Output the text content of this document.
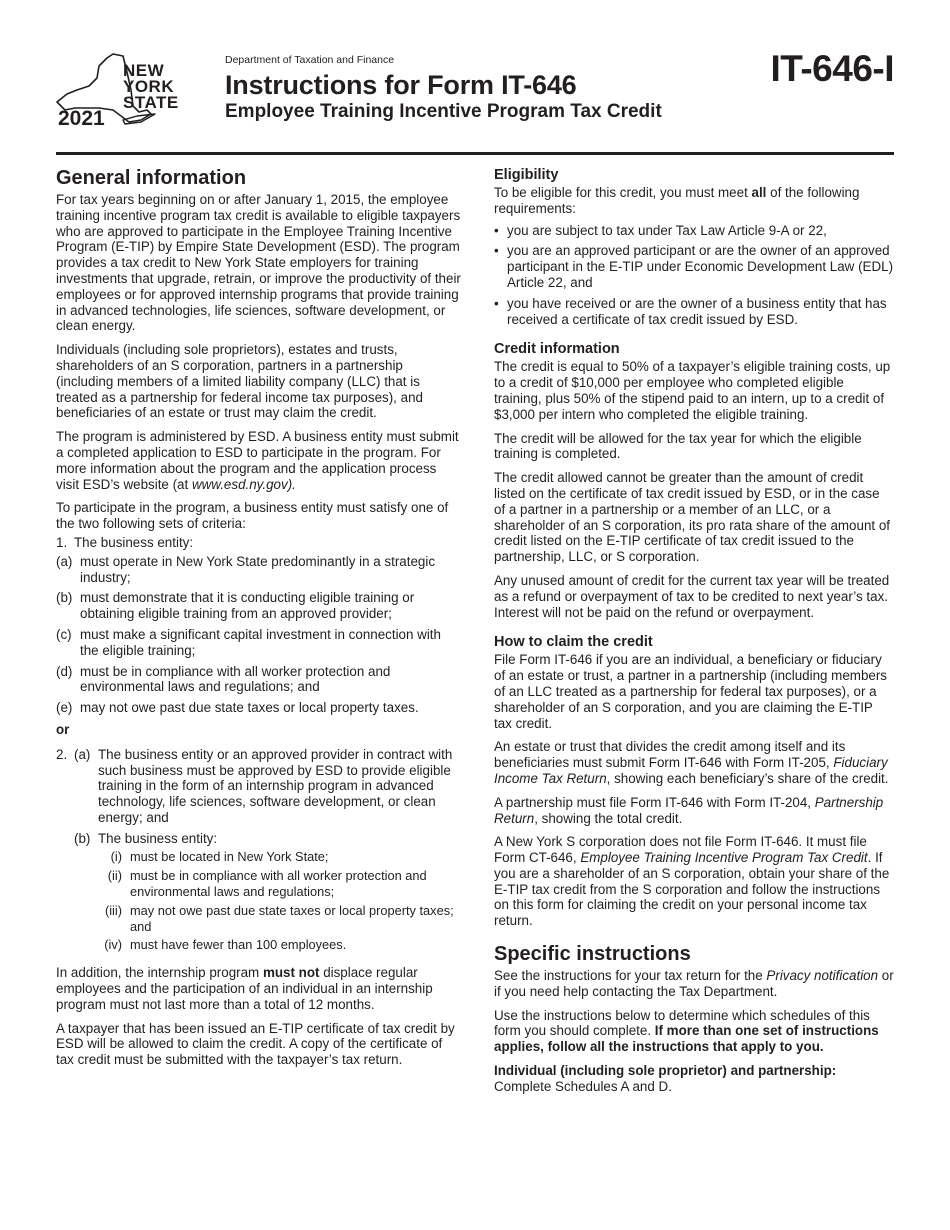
NEW
YORK
STATE
2021
Department of Taxation and Finance
Instructions for Form IT-646
Employee Training Incentive Program Tax Credit
IT-646-I
General information

For tax years beginning on or after January 1, 2015, the employee training incentive program tax credit is available to eligible taxpayers who are approved to participate in the Employee Training Incentive Program (E-TIP) by Empire State Development (ESD). The program provides a tax credit to New York State employers for training investments that upgrade, retrain, or improve the productivity of their employees or for approved internship programs that provide training in advanced technologies, life sciences, software development, or clean energy.

Individuals (including sole proprietors), estates and trusts, shareholders of an S corporation, partners in a partnership (including members of a limited liability company (LLC) that is treated as a partnership for federal income tax purposes), and beneficiaries of an estate or trust may claim the credit.

The program is administered by ESD. A business entity must submit a completed application to ESD to participate in the program. For more information about the program and the application process visit ESD’s website (at www.esd.ny.gov).

To participate in the program, a business entity must satisfy one of the two following sets of criteria:

1. The business entity:
(a) must operate in New York State predominantly in a strategic industry;
(b) must demonstrate that it is conducting eligible training or obtaining eligible training from an approved provider;
(c) must make a significant capital investment in connection with the eligible training;
(d) must be in compliance with all worker protection and environmental laws and regulations; and
(e) may not owe past due state taxes or local property taxes.
or
2. (a) The business entity or an approved provider in contract with such business must be approved by ESD to provide eligible training in the form of an internship program in advanced technology, life sciences, software development, or clean energy; and
(b) The business entity:
(i) must be located in New York State;
(ii) must be in compliance with all worker protection and environmental laws and regulations;
(iii) may not owe past due state taxes or local property taxes; and
(iv) must have fewer than 100 employees.

In addition, the internship program must not displace regular employees and the participation of an individual in an internship program must not last more than a total of 12 months.

A taxpayer that has been issued an E-TIP certificate of tax credit by ESD will be allowed to claim the credit. A copy of the certificate of tax credit must be submitted with the taxpayer’s tax return.

Eligibility

To be eligible for this credit, you must meet all of the following requirements:

• you are subject to tax under Tax Law Article 9-A or 22,
• you are an approved participant or are the owner of an approved participant in the E-TIP under Economic Development Law (EDL) Article 22, and
• you have received or are the owner of a business entity that has received a certificate of tax credit issued by ESD.
Credit information

The credit is equal to 50% of a taxpayer’s eligible training costs, up to a credit of $10,000 per employee who completed eligible training, plus 50% of the stipend paid to an intern, up to a credit of $3,000 per intern who completed the eligible training.

The credit will be allowed for the tax year for which the eligible training is completed.

The credit allowed cannot be greater than the amount of credit listed on the certificate of tax credit issued by ESD, or in the case of a partner in a partnership or a member of an LLC, or a shareholder of an S corporation, its pro rata share of the amount of credit listed on the E-TIP certificate of tax credit issued to the partnership, LLC, or S corporation.

Any unused amount of credit for the current tax year will be treated as a refund or overpayment of tax to be credited to next year’s tax. Interest will not be paid on the refund or overpayment.

How to claim the credit

File Form IT-646 if you are an individual, a beneficiary or fiduciary of an estate or trust, a partner in a partnership (including members of an LLC treated as a partnership for federal tax purposes), or a shareholder of an S corporation, and you are claiming the E-TIP tax credit.

An estate or trust that divides the credit among itself and its beneficiaries must submit Form IT-646 with Form IT-205, Fiduciary Income Tax Return, showing each beneficiary’s share of the credit.

A partnership must file Form IT-646 with Form IT-204, Partnership Return, showing the total credit.

A New York S corporation does not file Form IT-646. It must file Form CT-646, Employee Training Incentive Program Tax Credit. If you are a shareholder of an S corporation, obtain your share of the E-TIP tax credit from the S corporation and follow the instructions on this form for claiming the credit on your personal income tax return.

Specific instructions

See the instructions for your tax return for the Privacy notification or if you need help contacting the Tax Department.

Use the instructions below to determine which schedules of this form you should complete. If more than one set of instructions applies, follow all the instructions that apply to you.

Individual (including sole proprietor) and partnership:
Complete Schedules A and D.
